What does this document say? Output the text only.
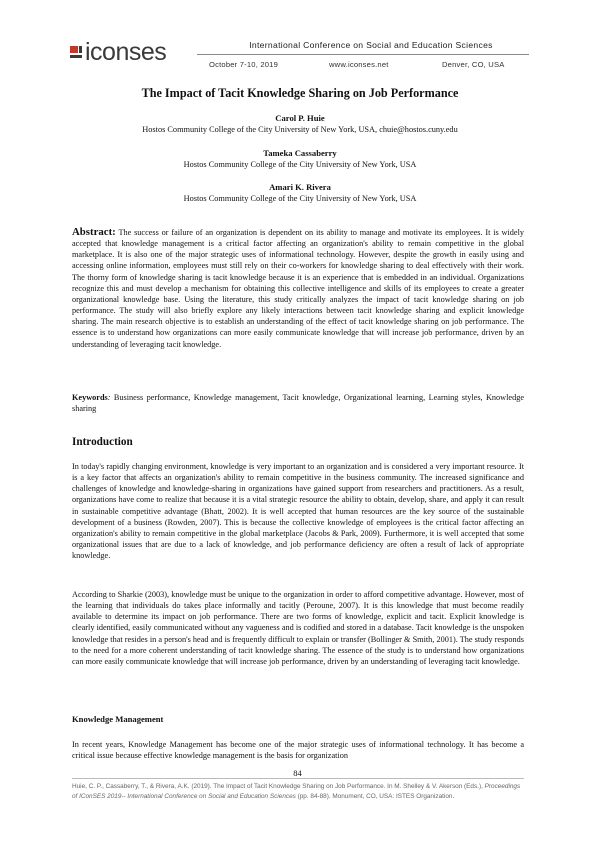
iconses	International Conference on Social and Education Sciences
October 7-10, 2019	www.iconses.net	Denver, CO, USA
The Impact of Tacit Knowledge Sharing on Job Performance
Carol P. Huie
Hostos Community College of the City University of New York, USA, chuie@hostos.cuny.edu
Tameka Cassaberry
Hostos Community College of the City University of New York, USA
Amari K. Rivera
Hostos Community College of the City University of New York, USA

Abstract: The success or failure of an organization is dependent on its ability to manage and motivate its employees. It is widely accepted that knowledge management is a critical factor affecting an organization's ability to remain competitive in the global marketplace. It is also one of the major strategic uses of informational technology. However, despite the growth in easily using and accessing online information, employees must still rely on their co-workers for knowledge sharing to deal effectively with their work. The thorny form of knowledge sharing is tacit knowledge because it is an experience that is embedded in an individual. Organizations recognize this and must develop a mechanism for obtaining this collective intelligence and skills of its employees to create a greater organizational knowledge base. Using the literature, this study critically analyzes the impact of tacit knowledge sharing on job performance. The study will also briefly explore any likely interactions between tacit knowledge sharing and explicit knowledge sharing. The main research objective is to establish an understanding of the effect of tacit knowledge sharing on job performance. The essence is to understand how organizations can more easily communicate knowledge that will increase job performance, driven by an understanding of leveraging tacit knowledge.

Keywords: Business performance, Knowledge management, Tacit knowledge, Organizational learning, Learning styles, Knowledge sharing

Introduction

In today's rapidly changing environment, knowledge is very important to an organization and is considered a very important resource. It is a key factor that affects an organization's ability to remain competitive in the business community. The increased significance and challenges of knowledge and knowledge-sharing in organizations have gained support from researchers and practitioners. As a result, organizations have come to realize that because it is a vital strategic resource the ability to obtain, develop, share, and apply it can result in sustainable competitive advantage (Bhatt, 2002). It is well accepted that human resources are the key source of the sustainable development of a business (Rowden, 2007). This is because the collective knowledge of employees is the critical factor affecting an organization's ability to remain competitive in the global marketplace (Jacobs & Park, 2009). Furthermore, it is well accepted that some organizational issues that are due to a lack of knowledge, and job performance deficiency are often a result of lack of appropriate knowledge.

According to Sharkie (2003), knowledge must be unique to the organization in order to afford competitive advantage. However, most of the learning that individuals do takes place informally and tacitly (Peroune, 2007). It is this knowledge that must become readily available to determine its impact on job performance. There are two forms of knowledge, explicit and tacit. Explicit knowledge is clearly identified, easily communicated without any vagueness and is codified and stored in a database. Tacit knowledge is the unspoken knowledge that resides in a person's head and is frequently difficult to explain or transfer (Bollinger & Smith, 2001). The study responds to the need for a more coherent understanding of tacit knowledge sharing. The essence of the study is to understand how organizations can more easily communicate knowledge that will increase job performance, driven by an understanding of leveraging tacit knowledge.

Knowledge Management

In recent years, Knowledge Management has become one of the major strategic uses of informational technology. It has become a critical issue because effective knowledge management is the basis for organization

84

Huie, C. P., Cassaberry, T., & Rivera, A.K. (2019). The Impact of Tacit Knowledge Sharing on Job Performance. In M. Shelley & V. Akerson (Eds.), Proceedings of IConSES 2019-- International Conference on Social and Education Sciences (pp. 84-88). Monument, CO, USA: ISTES Organization.
